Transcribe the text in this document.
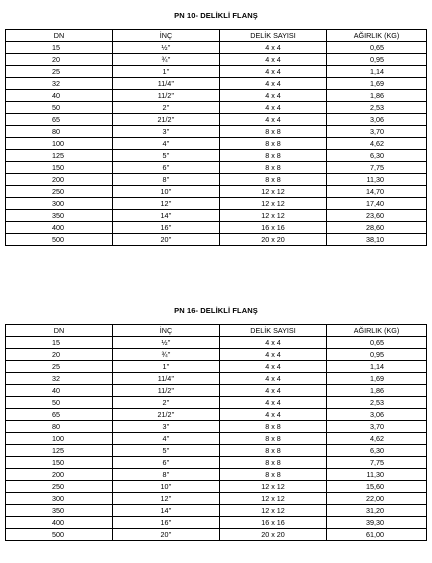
PN 10- DELİKLİ FLANŞ
DN	İNÇ	DELİK SAYISI	AĞIRLIK (KG)
15	½’’	4 x 4	0,65
20	¾’’	4 x 4	0,95
25	1’’	4 x 4	1,14
32	11/4’’	4 x 4	1,69
40	11/2’’	4 x 4	1,86
50	2’’	4 x 4	2,53
65	21/2’’	4 x 4	3,06
80	3’’	8 x 8	3,70
100	4’’	8 x 8	4,62
125	5’’	8 x 8	6,30
150	6’’	8 x 8	7,75
200	8’’	8 x 8	11,30
250	10’’	12 x 12	14,70
300	12’’	12 x 12	17,40
350	14’’	12 x 12	23,60
400	16’’	16 x 16	28,60
500	20’’	20 x 20	38,10
PN 16- DELİKLİ FLANŞ
DN	İNÇ	DELİK SAYISI	AĞIRLIK (KG)
15	½’’	4 x 4	0,65
20	¾’’	4 x 4	0,95
25	1’’	4 x 4	1,14
32	11/4’’	4 x 4	1,69
40	11/2’’	4 x 4	1,86
50	2’’	4 x 4	2,53
65	21/2’’	4 x 4	3,06
80	3’’	8 x 8	3,70
100	4’’	8 x 8	4,62
125	5’’	8 x 8	6,30
150	6’’	8 x 8	7,75
200	8’’	8 x 8	11,30
250	10’’	12 x 12	15,60
300	12’’	12 x 12	22,00
350	14’’	12 x 12	31,20
400	16’’	16 x 16	39,30
500	20’’	20 x 20	61,00
